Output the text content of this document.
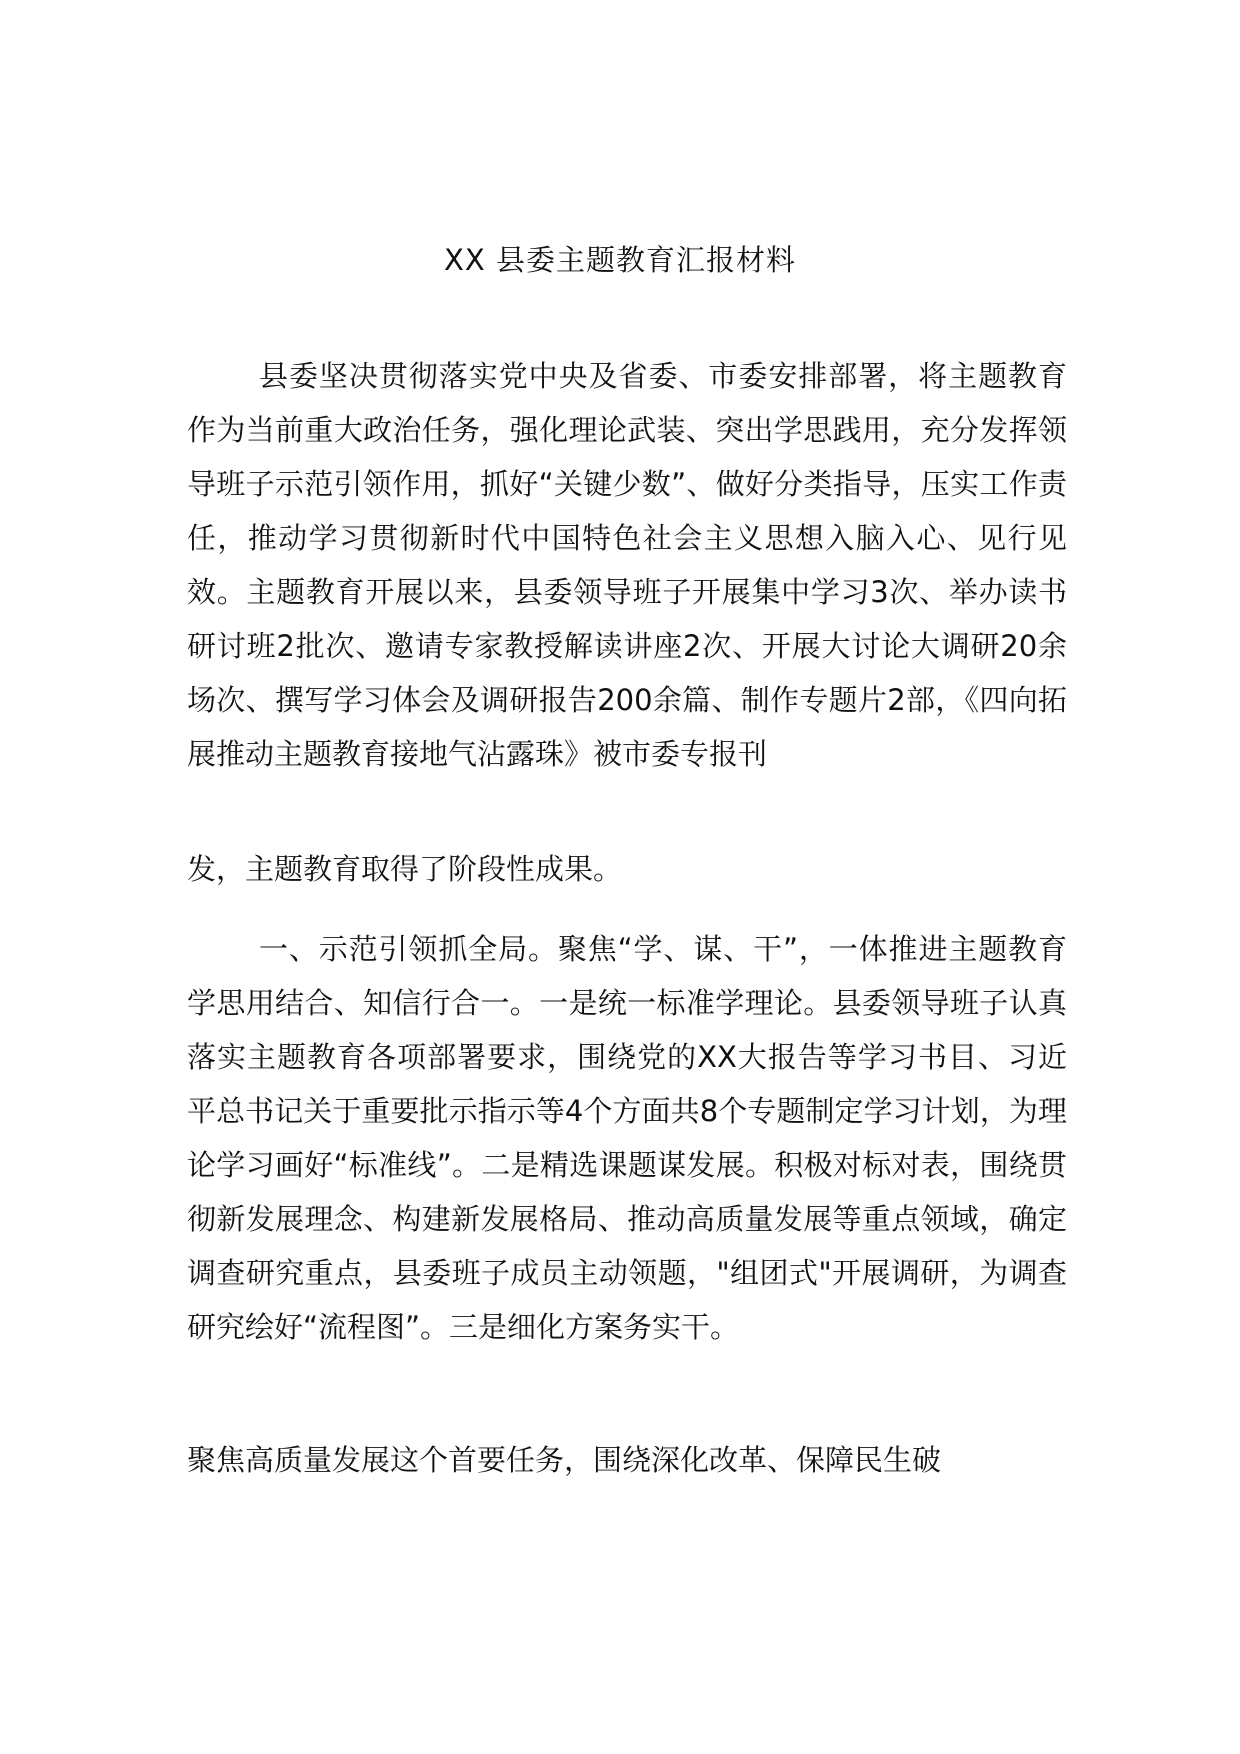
XX 县委主题教育汇报材料

县委坚决贯彻落实党中央及省委、市委安排部署，将主题教育作为当前重大政治任务，强化理论武装、突出学思践用，充分发挥领导班子示范引领作用，抓好“关键少数”、做好分类指导，压实工作责任，推动学习贯彻新时代中国特色社会主义思想入脑入心、见行见效。主题教育开展以来，县委领导班子开展集中学习3次、举办读书研讨班2批次、邀请专家教授解读讲座2次、开展大讨论大调研20余场次、撰写学习体会及调研报告200余篇、制作专题片2部，《四向拓展推动主题教育接地气沾露珠》被市委专报刊

发，主题教育取得了阶段性成果。

一、示范引领抓全局。聚焦“学、谋、干”，一体推进主题教育学思用结合、知信行合一。一是统一标准学理论。县委领导班子认真落实主题教育各项部署要求，围绕党的XX大报告等学习书目、习近平总书记关于重要批示指示等4个方面共8个专题制定学习计划，为理论学习画好“标准线”。二是精选课题谋发展。积极对标对表，围绕贯彻新发展理念、构建新发展格局、推动高质量发展等重点领域，确定调查研究重点，县委班子成员主动领题，"组团式"开展调研，为调查研究绘好“流程图”。三是细化方案务实干。

聚焦高质量发展这个首要任务，围绕深化改革、保障民生破
